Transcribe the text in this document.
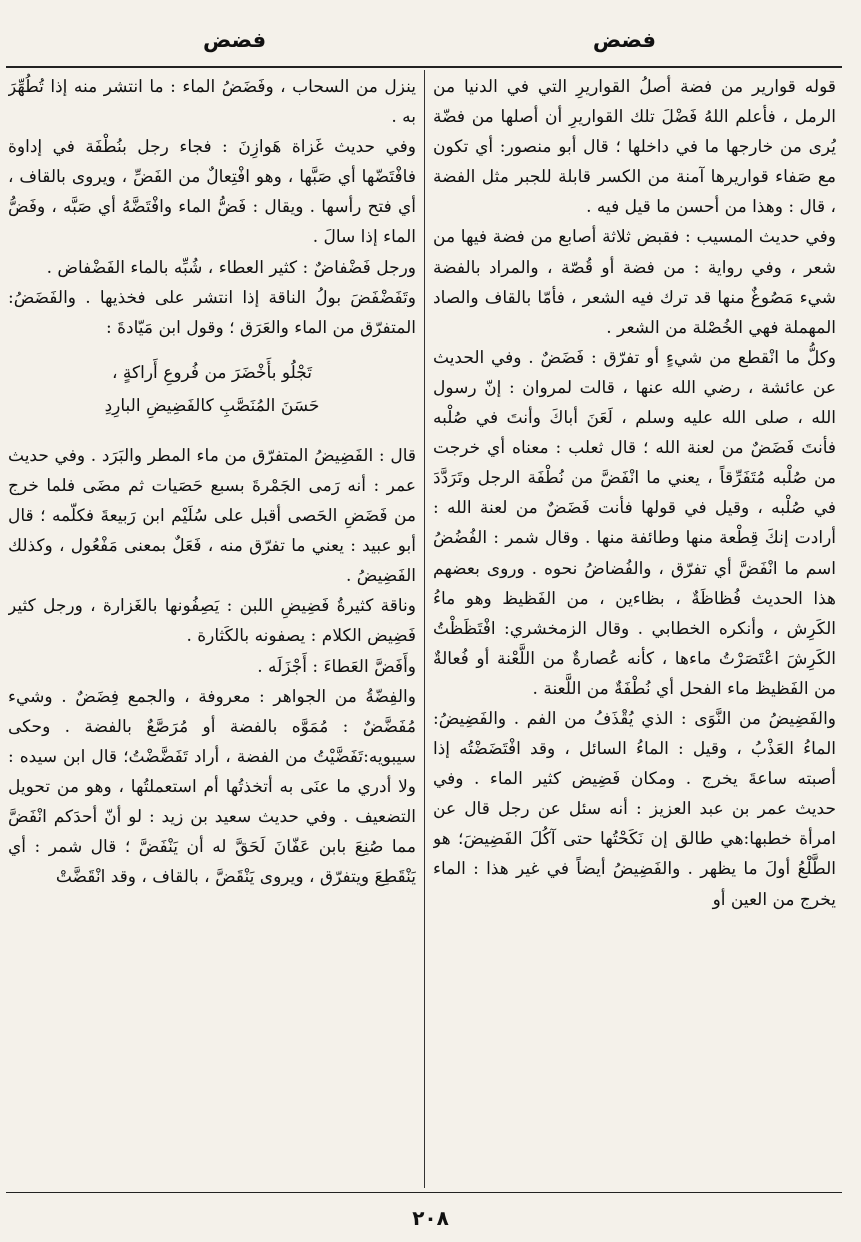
فضض
فضض

قوله قوارير من فضة أصلُ القواريرِ التي في الدنيا من الرمل ، فأعلم اللهُ فَضْلَ تلك القواريرِ أن أصلها من فضّة يُرى من خارجها ما في داخلها ؛ قال أبو منصور: أي تكون مع صَفاء قواريرها آمنة من الكسر قابلة للجبر مثل الفضة ، قال : وهذا من أحسن ما قيل فيه .

وفي حديث المسيب : فقبض ثلاثة أصابع من فضة فيها من شعر ، وفي رواية : من فضة أو قُصّة ، والمراد بالفضة شيء مَصُوغٌ منها قد ترك فيه الشعر ، فأمّا بالقاف والصاد المهملة فهي الخُصْلة من الشعر .

وكلُّ ما انْقطع من شيءٍ أو تفرّق : فَضَضٌ . وفي الحديث عن عائشة ، رضي الله عنها ، قالت لمروان : إنّ رسول الله ، صلى الله عليه وسلم ، لَعَنَ أباكَ وأنتَ في صُلْبه فأنتَ فَضَضٌ من لعنة الله ؛ قال ثعلب : معناه أي خرجت من صُلْبه مُتَفَرِّقاً ، يعني ما انْفَضَّ من نُطْفَة الرجل وتَرَدَّدَ في صُلْبه ، وقيل في قولها فأنت فَضَضٌ من لعنة الله : أرادت إنكَ قِطْعة منها وطائفة منها . وقال شمر : الفُضُضُ اسم ما انْفَضَّ أي تفرّق ، والفُضاضُ نحوه . وروى بعضهم هذا الحديث فُظاظَةٌ ، بظاءين ، من الفَظيظ وهو ماءُ الكَرِش ، وأنكره الخطابي . وقال الزمخشري: افْتَظَظْتُ الكَرِشَ اعْتَصَرْتُ ماءها ، كأنه عُصارةٌ من اللَّعْنة أو فُعالةٌ من الفَظيظ ماء الفحل أي نُطْفَةٌ من اللَّعنة .

والفَضِيضُ من النَّوَى : الذي يُقْذَفُ من الفم . والفَضِيضُ: الماءُ العَذْبُ ، وقيل : الماءُ السائل ، وقد افْتَضَضْتُه إذا أصبته ساعةَ يخرج . ومكان فَضِيض كثير الماء . وفي حديث عمر بن عبد العزيز : أنه سئل عن رجل قال عن امرأة خطبها:هي طالق إن نَكَحْتُها حتى آكُلَ الفَضِيضَ؛ هو الطَّلْعُ أولَ ما يظهر . والفَضِيضُ أيضاً في غير هذا : الماء يخرج من العين أو

ينزل من السحاب ، وفَضَضُ الماء : ما انتشر منه إذا تُطُهِّرَ به .

وفي حديث غَزاة هَوازِنَ : فجاء رجل بنُطْفَة في إداوة فافْتَضّها أي صَبَّها ، وهو افْتِعالٌ من الفَضِّ ، ويروى بالقاف ، أي فتح رأسها . ويقال : فَضُّ الماء وافْتَضَّهُ أي صَبَّه ، وفَضُّ الماء إذا سالَ .

ورجل فَضْفاضٌ : كثير العطاء ، شُبِّه بالماء الفَضْفاض .

وتَفَضْفَضَ بولُ الناقة إذا انتشر على فخذيها . والفَضَضُ: المتفرّق من الماء والعَرَق ؛ وقول ابن مَيّادةَ :

تَجْلُو بأَخْضَرَ من فُروعِ أَراكةٍ ،
حَسَنَ المُنَصَّبِ كالفَضِيضِ البارِدِ

قال : الفَضِيضُ المتفرّق من ماء المطر والبَرَد . وفي حديث عمر : أنه رَمى الجَمْرةَ بسبع حَصَيات ثم مضَى فلما خرج من فَضَضِ الحَصى أقبل على سُلَيْم ابن رَبيعةَ فكلّمه ؛ قال أبو عبيد : يعني ما تفرّق منه ، فَعَلٌ بمعنى مَفْعُول ، وكذلك الفَضِيضُ .

وناقة كثيرةُ فَضِيضِ اللبن : يَصِفُونها بالغَزارة ، ورجل كثير فَضِيض الكلام : يصفونه بالكَثارة .

وأَفَضَّ العَطاءَ : أَجْزَلَه .

والفِضّةُ من الجواهر : معروفة ، والجمع فِضَضٌ . وشيء مُفَضَّضٌ : مُمَوَّه بالفضة أو مُرَصَّعٌ بالفضة . وحكى سيبويه:تَفَضَّيْتُ من الفضة ، أراد تَفَضَّضْتُ؛ قال ابن سيده : ولا أدري ما عنَى به أتخذتُها أم استعملتُها ، وهو من تحويل التضعيف . وفي حديث سعيد بن زيد : لو أنّ أحدَكم انْفَضَّ مما صُنِعَ بابن عَفّانَ لَحَقَّ له أن يَنْفَضَّ ؛ قال شمر : أي يَنْقَطِعَ ويتفرّق ، ويروى يَنْقَضَّ ، بالقاف ، وقد انْقَضَّتْ

٢٠٨
